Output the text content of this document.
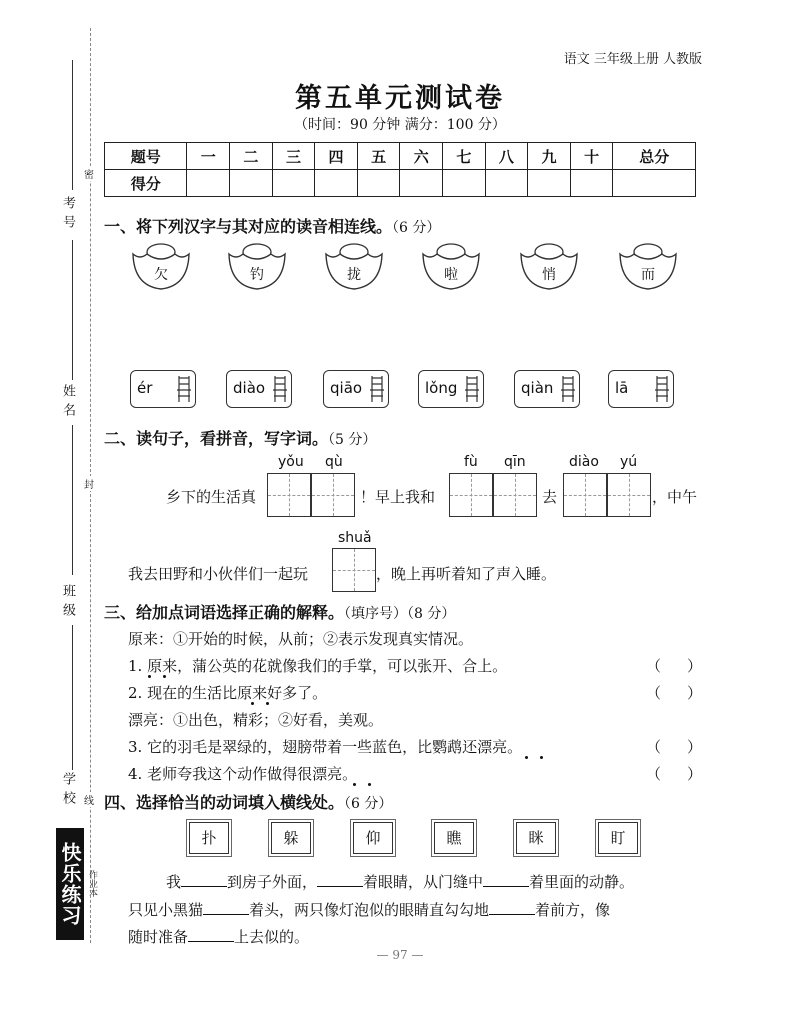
考号
姓名
班级
学校
密
封
线
快乐练习 作业本
语文 三年级上册 人教版
第五单元测试卷
（时间：90 分钟 满分：100 分）
题号	一	二	三	四	五	六	七	八	九	十	总分
得分											
一、将下列汉字与其对应的读音相连线。（6 分）
欠	钓	拢	啦	悄	而
ér	diào	qiāo	lǒng	qiàn	lā
二、读句子，看拼音，写字词。（5 分）
yǒu qù	fù qīn	diào yú
乡下的生活真	！早上我和	去	，中午
shuǎ
我去田野和小伙伴们一起玩	，晚上再听着知了声入睡。
三、给加点词语选择正确的解释。（填序号）（8 分）
原来：①开始的时候，从前；②表示发现真实情况。
1. 原来，蒲公英的花就像我们的手掌，可以张开、合上。	（ ）
2. 现在的生活比原来好多了。	（ ）
漂亮：①出色，精彩；②好看，美观。
3. 它的羽毛是翠绿的，翅膀带着一些蓝色，比鹦鹉还漂亮。	（ ）
4. 老师夸我这个动作做得很漂亮。	（ ）
四、选择恰当的动词填入横线处。（6 分）
扑	躲	仰	瞧	眯	盯
我	到房子外面，	着眼睛，从门缝中	着里面的动静。
只见小黑猫	着头，两只像灯泡似的眼睛直勾勾地	着前方，像
随时准备	上去似的。
— 97 —
